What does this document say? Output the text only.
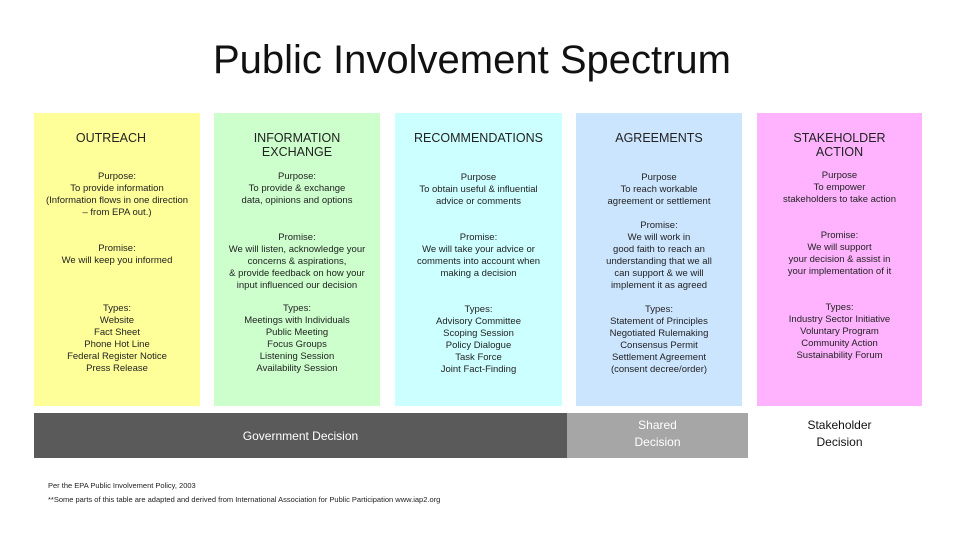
Public Involvement Spectrum
OUTREACH
Purpose:
To provide information
(Information flows in one direction
– from EPA out.)
Promise:
We will keep you informed
Types:
Website
Fact Sheet
Phone Hot Line
Federal Register Notice
Press Release
INFORMATION
EXCHANGE
Purpose:
To provide & exchange
data, opinions and options
Promise:
We will listen, acknowledge your
concerns & aspirations,
& provide feedback on how your
input influenced our decision
Types:
Meetings with Individuals
Public Meeting
Focus Groups
Listening Session
Availability Session
RECOMMENDATIONS
Purpose
To obtain useful & influential
advice or comments
Promise:
We will take your advice or
comments into account when
making a decision
Types:
Advisory Committee
Scoping Session
Policy Dialogue
Task Force
Joint Fact-Finding
AGREEMENTS
Purpose
To reach workable
agreement or settlement
Promise:
We will work in
good faith to reach an
understanding that we all
can support & we will
implement it as agreed
Types:
Statement of Principles
Negotiated Rulemaking
Consensus Permit
Settlement Agreement
(consent decree/order)
STAKEHOLDER
ACTION
Purpose
To empower
stakeholders to take action
Promise:
We will support
your decision & assist in
your implementation of it
Types:
Industry Sector Initiative
Voluntary Program
Community Action
Sustainability Forum
Government Decision
Shared
Decision
Stakeholder
Decision
Per the EPA Public Involvement Policy, 2003
**Some parts of this table are adapted and derived from International Association for Public Participation www.iap2.org
